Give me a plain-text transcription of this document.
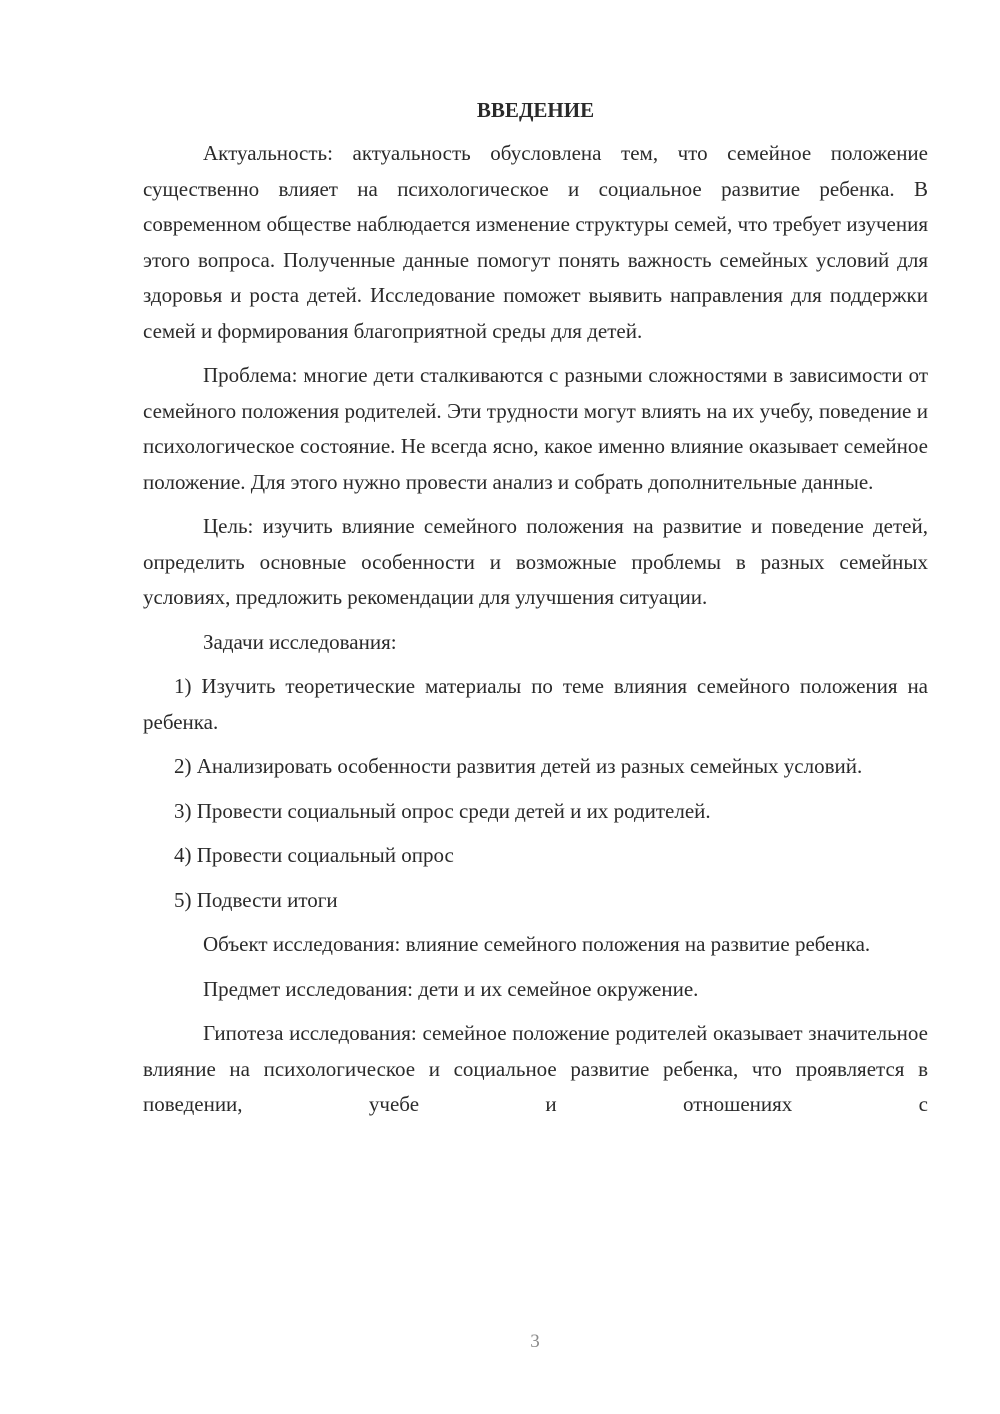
ВВЕДЕНИЕ

Актуальность: актуальность обусловлена тем, что семейное положение существенно влияет на психологическое и социальное развитие ребенка. В современном обществе наблюдается изменение структуры семей, что требует изучения этого вопроса. Полученные данные помогут понять важность семейных условий для здоровья и роста детей. Исследование поможет выявить направления для поддержки семей и формирования благоприятной среды для детей.

Проблема: многие дети сталкиваются с разными сложностями в зависимости от семейного положения родителей. Эти трудности могут влиять на их учебу, поведение и психологическое состояние. Не всегда ясно, какое именно влияние оказывает семейное положение. Для этого нужно провести анализ и собрать дополнительные данные.

Цель: изучить влияние семейного положения на развитие и поведение детей, определить основные особенности и возможные проблемы в разных семейных условиях, предложить рекомендации для улучшения ситуации.

Задачи исследования:

1) Изучить теоретические материалы по теме влияния семейного положения на ребенка.

2) Анализировать особенности развития детей из разных семейных условий.

3) Провести социальный опрос среди детей и их родителей.

4) Провести социальный опрос

5) Подвести итоги

Объект исследования: влияние семейного положения на развитие ребенка.

Предмет исследования: дети и их семейное окружение.

Гипотеза исследования: семейное положение родителей оказывает значительное влияние на психологическое и социальное развитие ребенка, что проявляется в поведении, учебе и отношениях с

3
